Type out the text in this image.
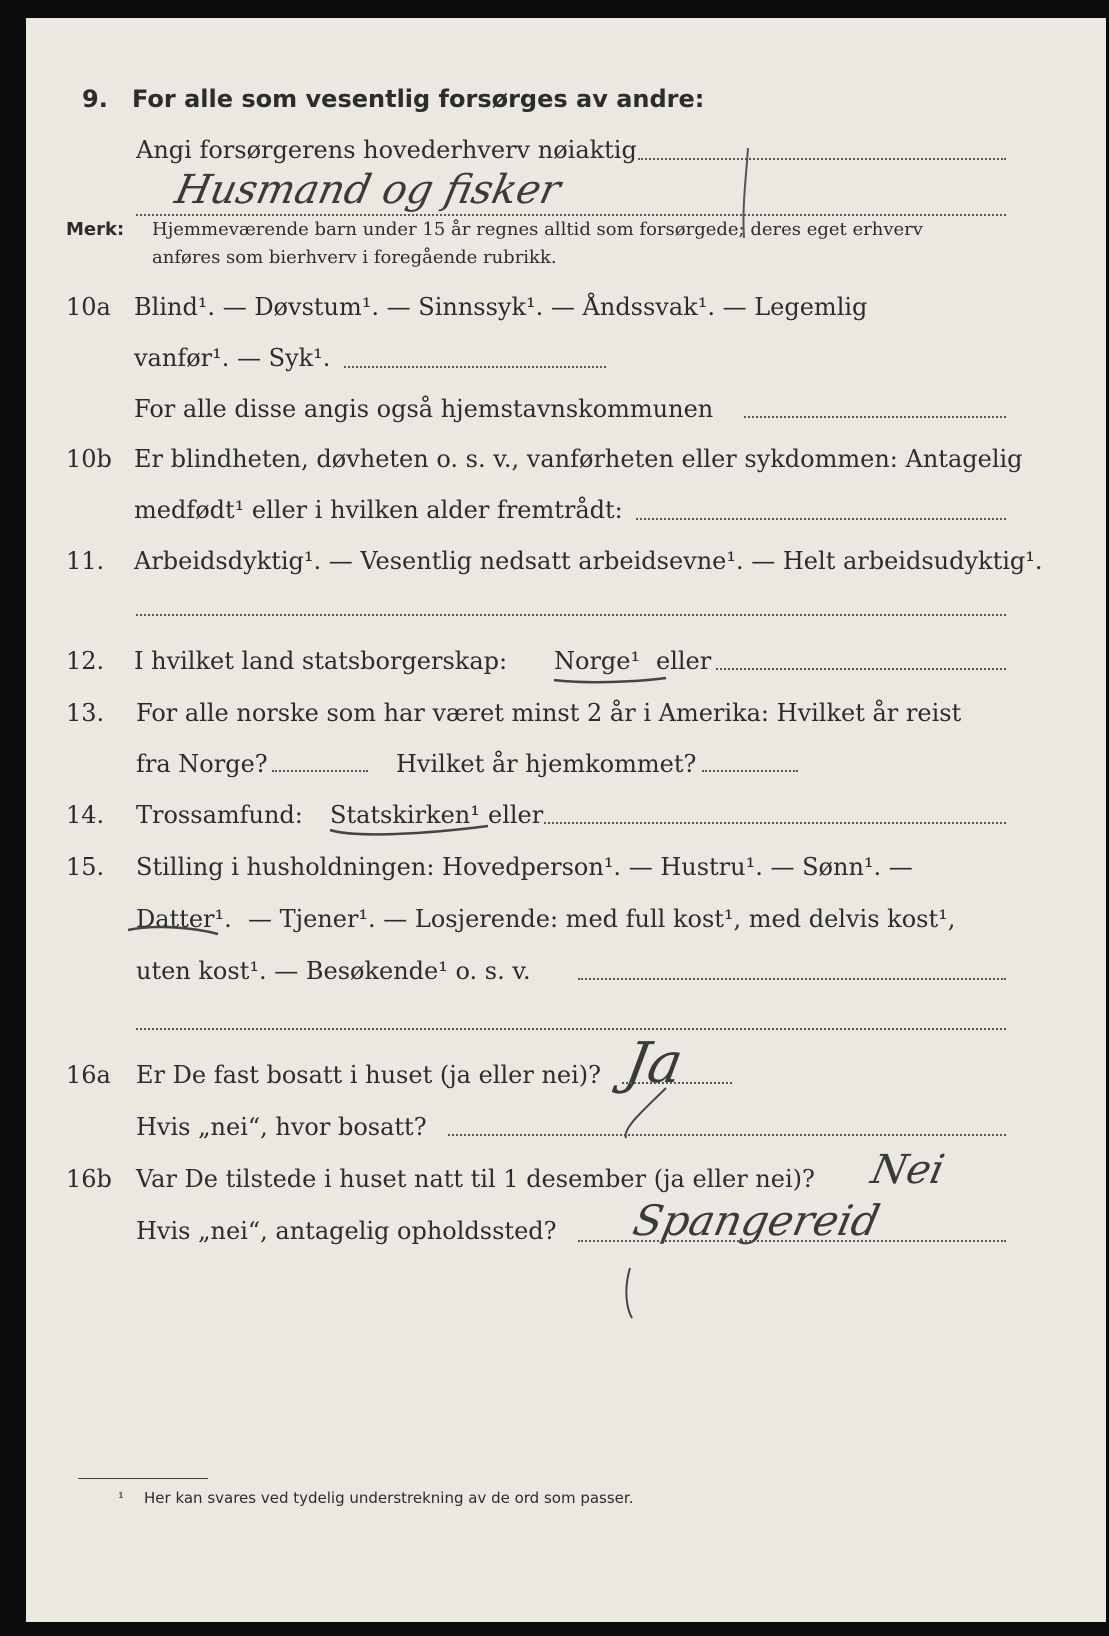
9. For alle som vesentlig forsørges av andre:
Angi forsørgerens hovederhverv nøiaktig
Husmand og fisker
Merk: Hjemmeværende barn under 15 år regnes alltid som forsørgede; deres eget erhverv
anføres som bierhverv i foregående rubrikk.
10a Blind¹. — Døvstum¹. — Sinnssyk¹. — Åndssvak¹. — Legemlig
vanfør¹. — Syk¹.
For alle disse angis også hjemstavnskommunen
10b Er blindheten, døvheten o. s. v., vanførheten eller sykdommen: Antagelig
medfødt¹ eller i hvilken alder fremtrådt:
11. Arbeidsdyktig¹. — Vesentlig nedsatt arbeidsevne¹. — Helt arbeidsudyktig¹.
12. I hvilket land statsborgerskap: Norge¹ eller
13. For alle norske som har været minst 2 år i Amerika: Hvilket år reist
fra Norge?	Hvilket år hjemkommet?
14. Trossamfund: Statskirken¹ eller
15. Stilling i husholdningen: Hovedperson¹. — Hustru¹. — Sønn¹. —
Datter¹. — Tjener¹. — Losjerende: med full kost¹, med delvis kost¹,
uten kost¹. — Besøkende¹ o. s. v.
16a Er De fast bosatt i huset (ja eller nei)? Ja
Hvis „nei“, hvor bosatt?
16b Var De tilstede i huset natt til 1 desember (ja eller nei)? Nei
Hvis „nei“, antagelig opholdssted? Spangereid
¹ Her kan svares ved tydelig understrekning av de ord som passer.
